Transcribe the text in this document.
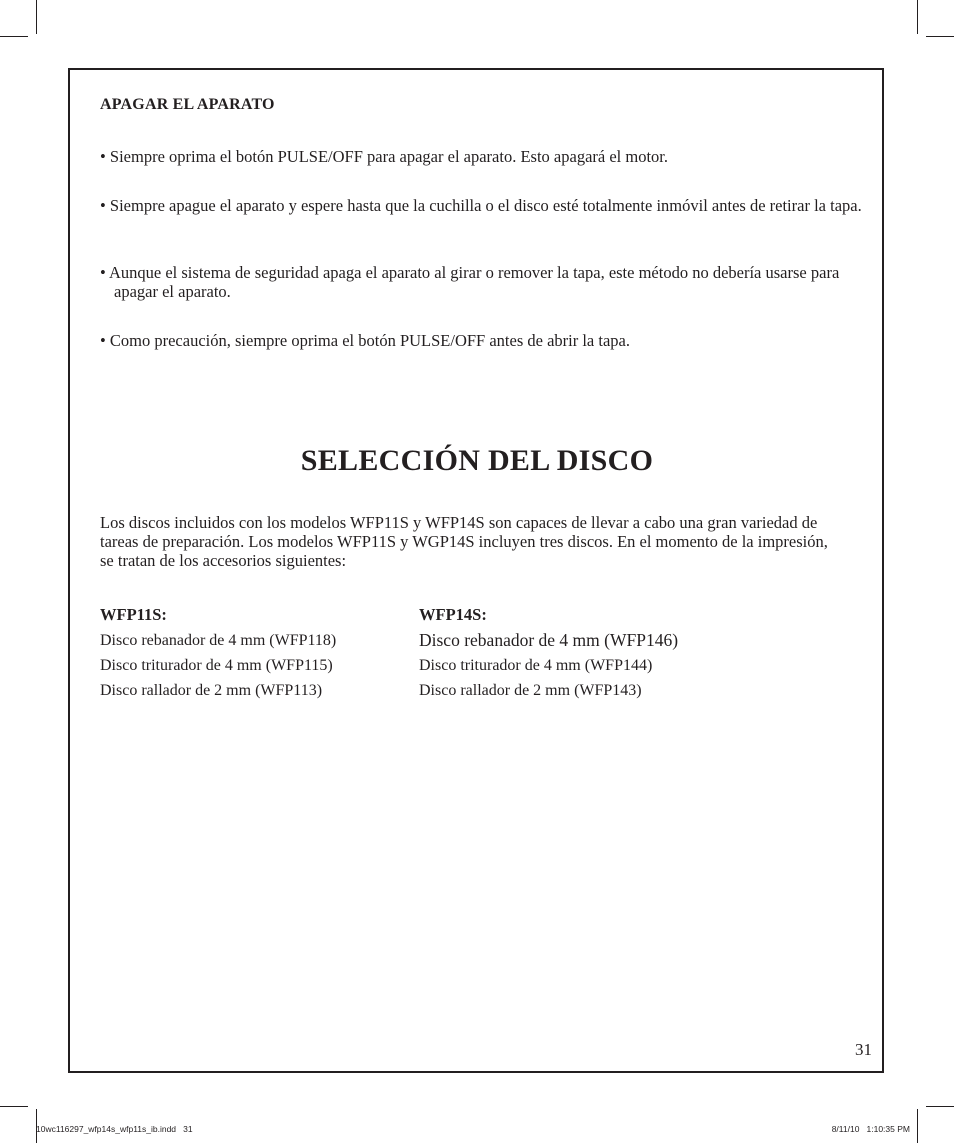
APAGAR EL APARATO
• Siempre oprima el botón PULSE/OFF para apagar el aparato. Esto apagará el motor.
• Siempre apague el aparato y espere hasta que la cuchilla o el disco esté totalmente inmóvil antes de retirar la tapa.
• Aunque el sistema de seguridad apaga el aparato al girar o remover la tapa, este método no debería usarse para apagar el aparato.
• Como precaución, siempre oprima el botón PULSE/OFF antes de abrir la tapa.
SELECCIÓN DEL DISCO
Los discos incluidos con los modelos WFP11S y WFP14S son capaces de llevar a cabo una gran variedad de tareas de preparación. Los modelos WFP11S y WGP14S incluyen tres discos. En el momento de la impresión, se tratan de los accesorios siguientes:
WFP11S:
Disco rebanador de 4 mm (WFP118)
Disco triturador de 4 mm (WFP115)
Disco rallador de 2 mm (WFP113)
WFP14S:
Disco rebanador de 4 mm (WFP146)
Disco triturador de 4 mm (WFP144)
Disco rallador de 2 mm (WFP143)
31
10wc116297_wfp14s_wfp11s_ib.indd   31	8/11/10   1:10:35 PM
